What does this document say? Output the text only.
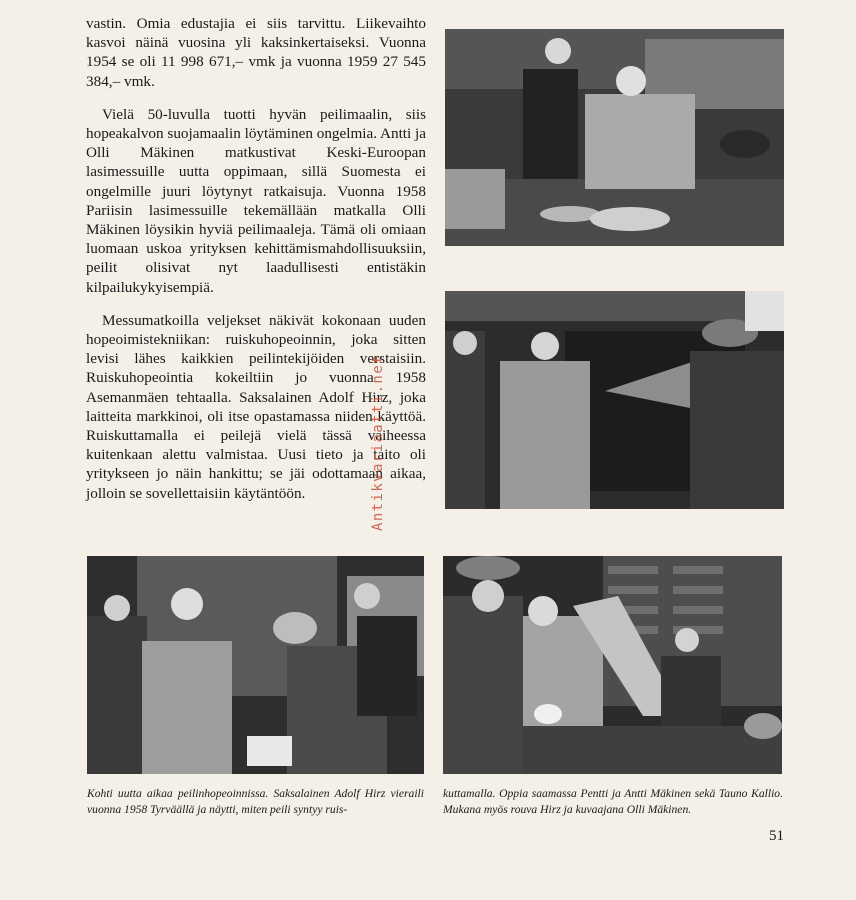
vastin. Omia edustajia ei siis tarvittu. Liikevaihto kasvoi näinä vuosina yli kaksinkertaiseksi. Vuonna 1954 se oli 11 998 671,– vmk ja vuonna 1959 27 545 384,– vmk.

Vielä 50-luvulla tuotti hyvän peilimaalin, siis hopeakalvon suojamaalin löytäminen ongelmia. Antti ja Olli Mäkinen matkustivat Keski-Euroopan lasimessuille uutta oppimaan, sillä Suomesta ei ongelmille juuri löytynyt ratkaisuja. Vuonna 1958 Pariisin lasimessuille tekemällään matkalla Olli Mäkinen löysikin hyviä peilimaaleja. Tämä oli omiaan luomaan uskoa yrityksen kehittämismahdollisuuksiin, peilit olisivat nyt laadullisesti entistäkin kilpailukykyisempiä.

Messumatkoilla veljekset näkivät kokonaan uuden hopeoimistekniikan: ruiskuhopeoinnin, joka sitten levisi lähes kaikkien peilintekijöiden verstaisiin. Ruiskuhopeointia kokeiltiin jo vuonna 1958 Asemanmäen tehtaalla. Saksalainen Adolf Hirz, joka laitteita markkinoi, oli itse opastamassa niiden käyttöä. Ruiskuttamalla ei peilejä vielä tässä vaiheessa kuitenkaan alettu valmistaa. Uusi tieto ja taito oli yritykseen jo näin hankittu; se jäi odottamaan aikaa, jolloin se sovellettaisiin käytäntöön.

Kohti uutta aikaa peilinhopeoinnissa. Saksalainen Adolf Hirz vieraili vuonna 1958 Tyrväällä ja näytti, miten peili syntyy ruis-
kuttamalla. Oppia saamassa Pentti ja Antti Mäkinen sekä Tauno Kallio. Mukana myös rouva Hirz ja kuvaajana Olli Mäkinen.
51
Antikvariaatti.net
